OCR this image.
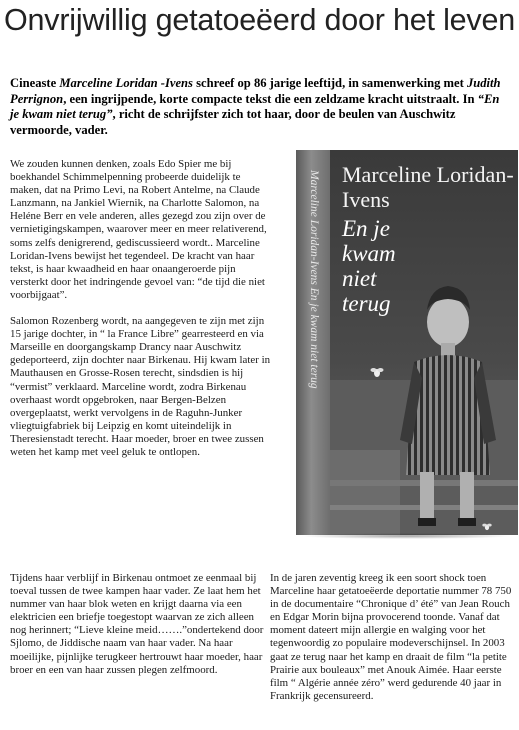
Onvrijwillig getatoeëerd door het leven
Cineaste Marceline Loridan -Ivens schreef op 86 jarige leeftijd, in samenwerking met Judith Perrignon, een ingrijpende, korte compacte tekst die een zeldzame kracht uitstraalt. In “En je kwam niet terug”, richt de schrijfster zich tot haar, door de beulen van Auschwitz vermoorde, vader.

We zouden kunnen denken, zoals Edo Spier me bij boekhandel Schimmelpenning probeerde duidelijk te maken, dat na Primo Levi, na Robert Antelme, na Claude Lanzmann, na Jankiel Wiernik, na Charlotte Salomon, na Heléne Berr en vele anderen, alles gezegd zou zijn over de vernietigingskampen, waarover meer en meer relativerend, soms zelfs denigrerend, gediscussieerd wordt.. Marceline Loridan-Ivens bewijst het tegendeel. De kracht van haar tekst, is haar kwaadheid en haar onaangeroerde pijn versterkt door het indringende gevoel van: “de tijd die niet voorbijgaat”.

Salomon Rozenberg wordt, na aangegeven te zijn met zijn 15 jarige dochter, in “ la France Libre” gearresteerd en via Marseille en doorgangskamp Drancy naar Auschwitz gedeporteerd, zijn dochter naar Birkenau. Hij kwam later in Mauthausen en Grosse-Rosen terecht, sindsdien is hij “vermist” verklaard. Marceline wordt, zodra Birkenau overhaast wordt opgebroken, naar Bergen-Belzen overgeplaatst, werkt vervolgens in de Raguhn-Junker vliegtuigfabriek bij Leipzig en komt uiteindelijk in Theresienstadt terecht. Haar moeder, broer en twee zussen weten het kamp met veel geluk te ontlopen.

Marceline Loridan-Ivens En je kwam niet terug Marceline Loridan-Ivens
En je
kwam
niet
terug

Tijdens haar verblijf in Birkenau ontmoet ze eenmaal bij toeval tussen de twee kampen haar vader. Ze laat hem het nummer van haar blok weten en krijgt daarna via een elektricien een briefje toegestopt waarvan ze zich alleen nog herinnert; “Lieve kleine meid…….”ondertekend door Sjlomo, de Jiddische naam van haar vader. Na haar moeilijke, pijnlijke terugkeer hertrouwt haar moeder, haar broer en een van haar zussen plegen zelfmoord.

In de jaren zeventig kreeg ik een soort shock toen Marceline haar getatoeëerde deportatie nummer 78 750 in de documentaire “Chronique d’ été” van Jean Rouch en Edgar Morin bijna provocerend toonde. Vanaf dat moment dateert mijn allergie en walging voor het tegenwoordig zo populaire modeverschijnsel. In 2003 gaat ze terug naar het kamp en draait de film “la petite Prairie aux bouleaux” met Anouk Aimée. Haar eerste film “ Algérie année zéro” werd gedurende 40 jaar in Frankrijk gecensureerd.
